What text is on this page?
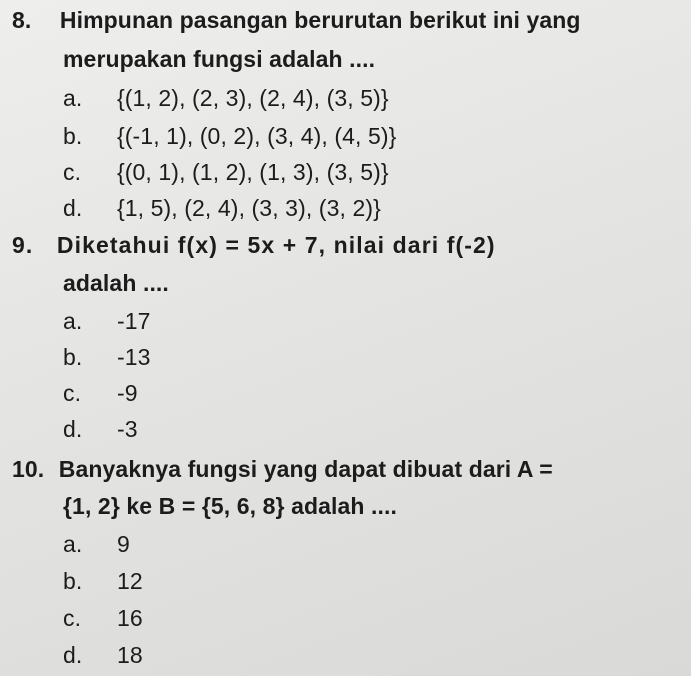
8. Himpunan pasangan berurutan berikut ini yang
merupakan fungsi adalah ....
a. {(1, 2), (2, 3), (2, 4), (3, 5)}
b. {(-1, 1), (0, 2), (3, 4), (4, 5)}
c. {(0, 1), (1, 2), (1, 3), (3, 5)}
d. {1, 5), (2, 4), (3, 3), (3, 2)}
9. Diketahui f(x) = 5x + 7, nilai dari f(-2)
adalah ....
a. -17
b. -13
c. -9
d. -3
10. Banyaknya fungsi yang dapat dibuat dari A =
{1, 2} ke B = {5, 6, 8} adalah ....
a. 9
b. 12
c. 16
d. 18
